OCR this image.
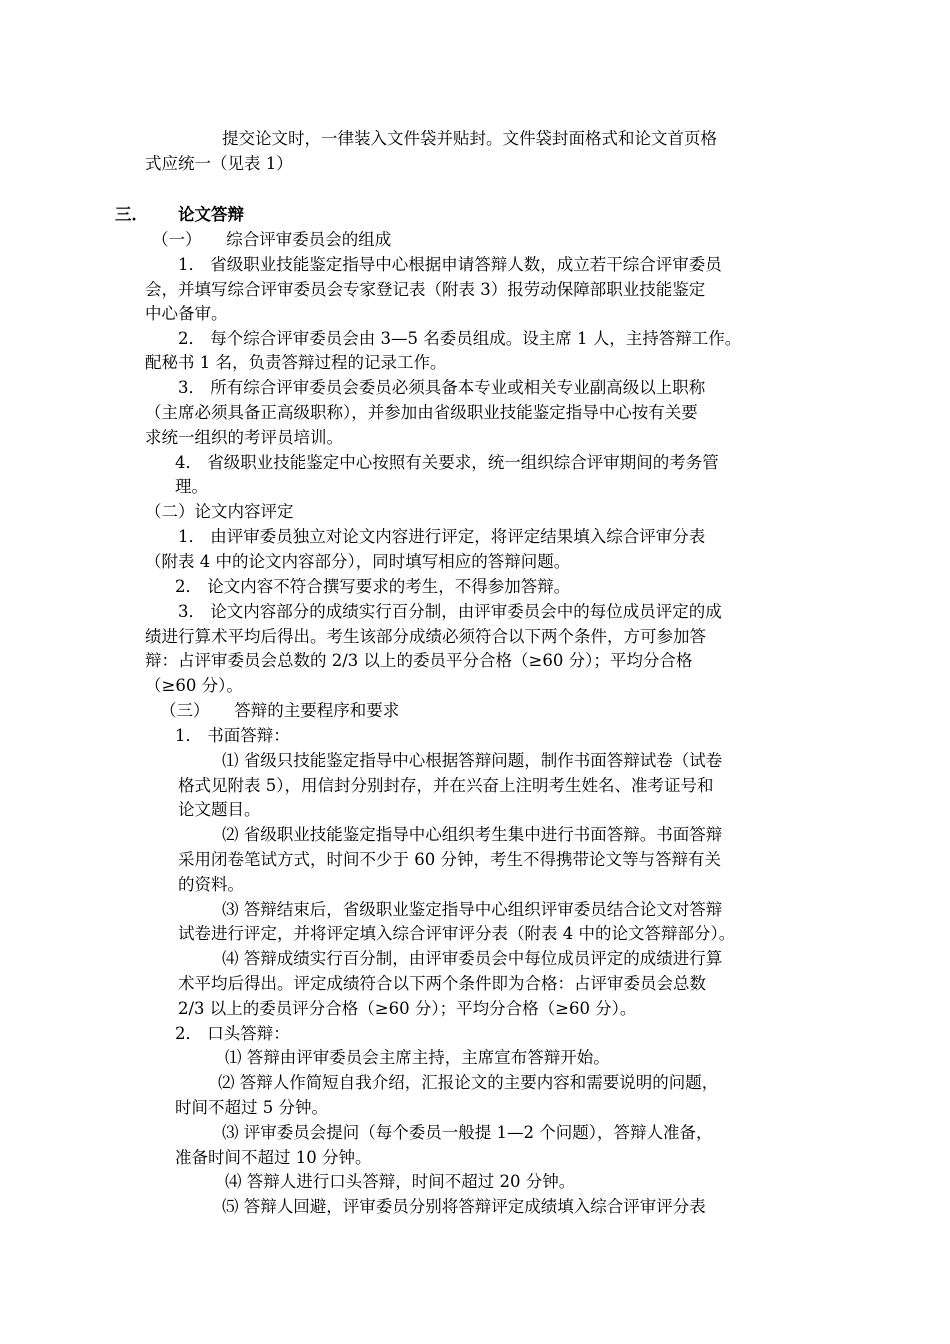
提交论文时，一律装入文件袋并贴封。文件袋封面格式和论文首页格
式应统一（见表 1）
三． 论文答辩
（一）　　综合评审委员会的组成
1． 省级职业技能鉴定指导中心根据申请答辩人数，成立若干综合评审委员
会，并填写综合评审委员会专家登记表（附表 3）报劳动保障部职业技能鉴定
中心备审。
2． 每个综合评审委员会由 3—5 名委员组成。设主席 1 人，主持答辩工作。
配秘书 1 名，负责答辩过程的记录工作。
3． 所有综合评审委员会委员必须具备本专业或相关专业副高级以上职称
（主席必须具备正高级职称），并参加由省级职业技能鉴定指导中心按有关要
求统一组织的考评员培训。
4． 省级职业技能鉴定中心按照有关要求，统一组织综合评审期间的考务管
理。
（二）论文内容评定
1． 由评审委员独立对论文内容进行评定，将评定结果填入综合评审分表
（附表 4 中的论文内容部分），同时填写相应的答辩问题。
2． 论文内容不符合撰写要求的考生，不得参加答辩。
3． 论文内容部分的成绩实行百分制，由评审委员会中的每位成员评定的成
绩进行算术平均后得出。考生该部分成绩必须符合以下两个条件，方可参加答
辩：占评审委员会总数的 2/3 以上的委员平分合格（≥60 分）；平均分合格
（≥60 分）。
（三）　　答辩的主要程序和要求
1． 书面答辩：
⑴ 省级只技能鉴定指导中心根据答辩问题，制作书面答辩试卷（试卷
格式见附表 5），用信封分别封存，并在兴奋上注明考生姓名、准考证号和
论文题目。
⑵ 省级职业技能鉴定指导中心组织考生集中进行书面答辩。书面答辩
采用闭卷笔试方式，时间不少于 60 分钟，考生不得携带论文等与答辩有关
的资料。
⑶ 答辩结束后，省级职业鉴定指导中心组织评审委员结合论文对答辩
试卷进行评定，并将评定填入综合评审评分表（附表 4 中的论文答辩部分）。
⑷ 答辩成绩实行百分制，由评审委员会中每位成员评定的成绩进行算
术平均后得出。评定成绩符合以下两个条件即为合格：占评审委员会总数
2/3 以上的委员评分合格（≥60 分）；平均分合格（≥60 分）。
2． 口头答辩：
⑴ 答辩由评审委员会主席主持，主席宣布答辩开始。
⑵ 答辩人作简短自我介绍，汇报论文的主要内容和需要说明的问题，
时间不超过 5 分钟。
⑶ 评审委员会提问（每个委员一般提 1—2 个问题），答辩人准备，
准备时间不超过 10 分钟。
⑷ 答辩人进行口头答辩，时间不超过 20 分钟。
⑸ 答辩人回避，评审委员分别将答辩评定成绩填入综合评审评分表
